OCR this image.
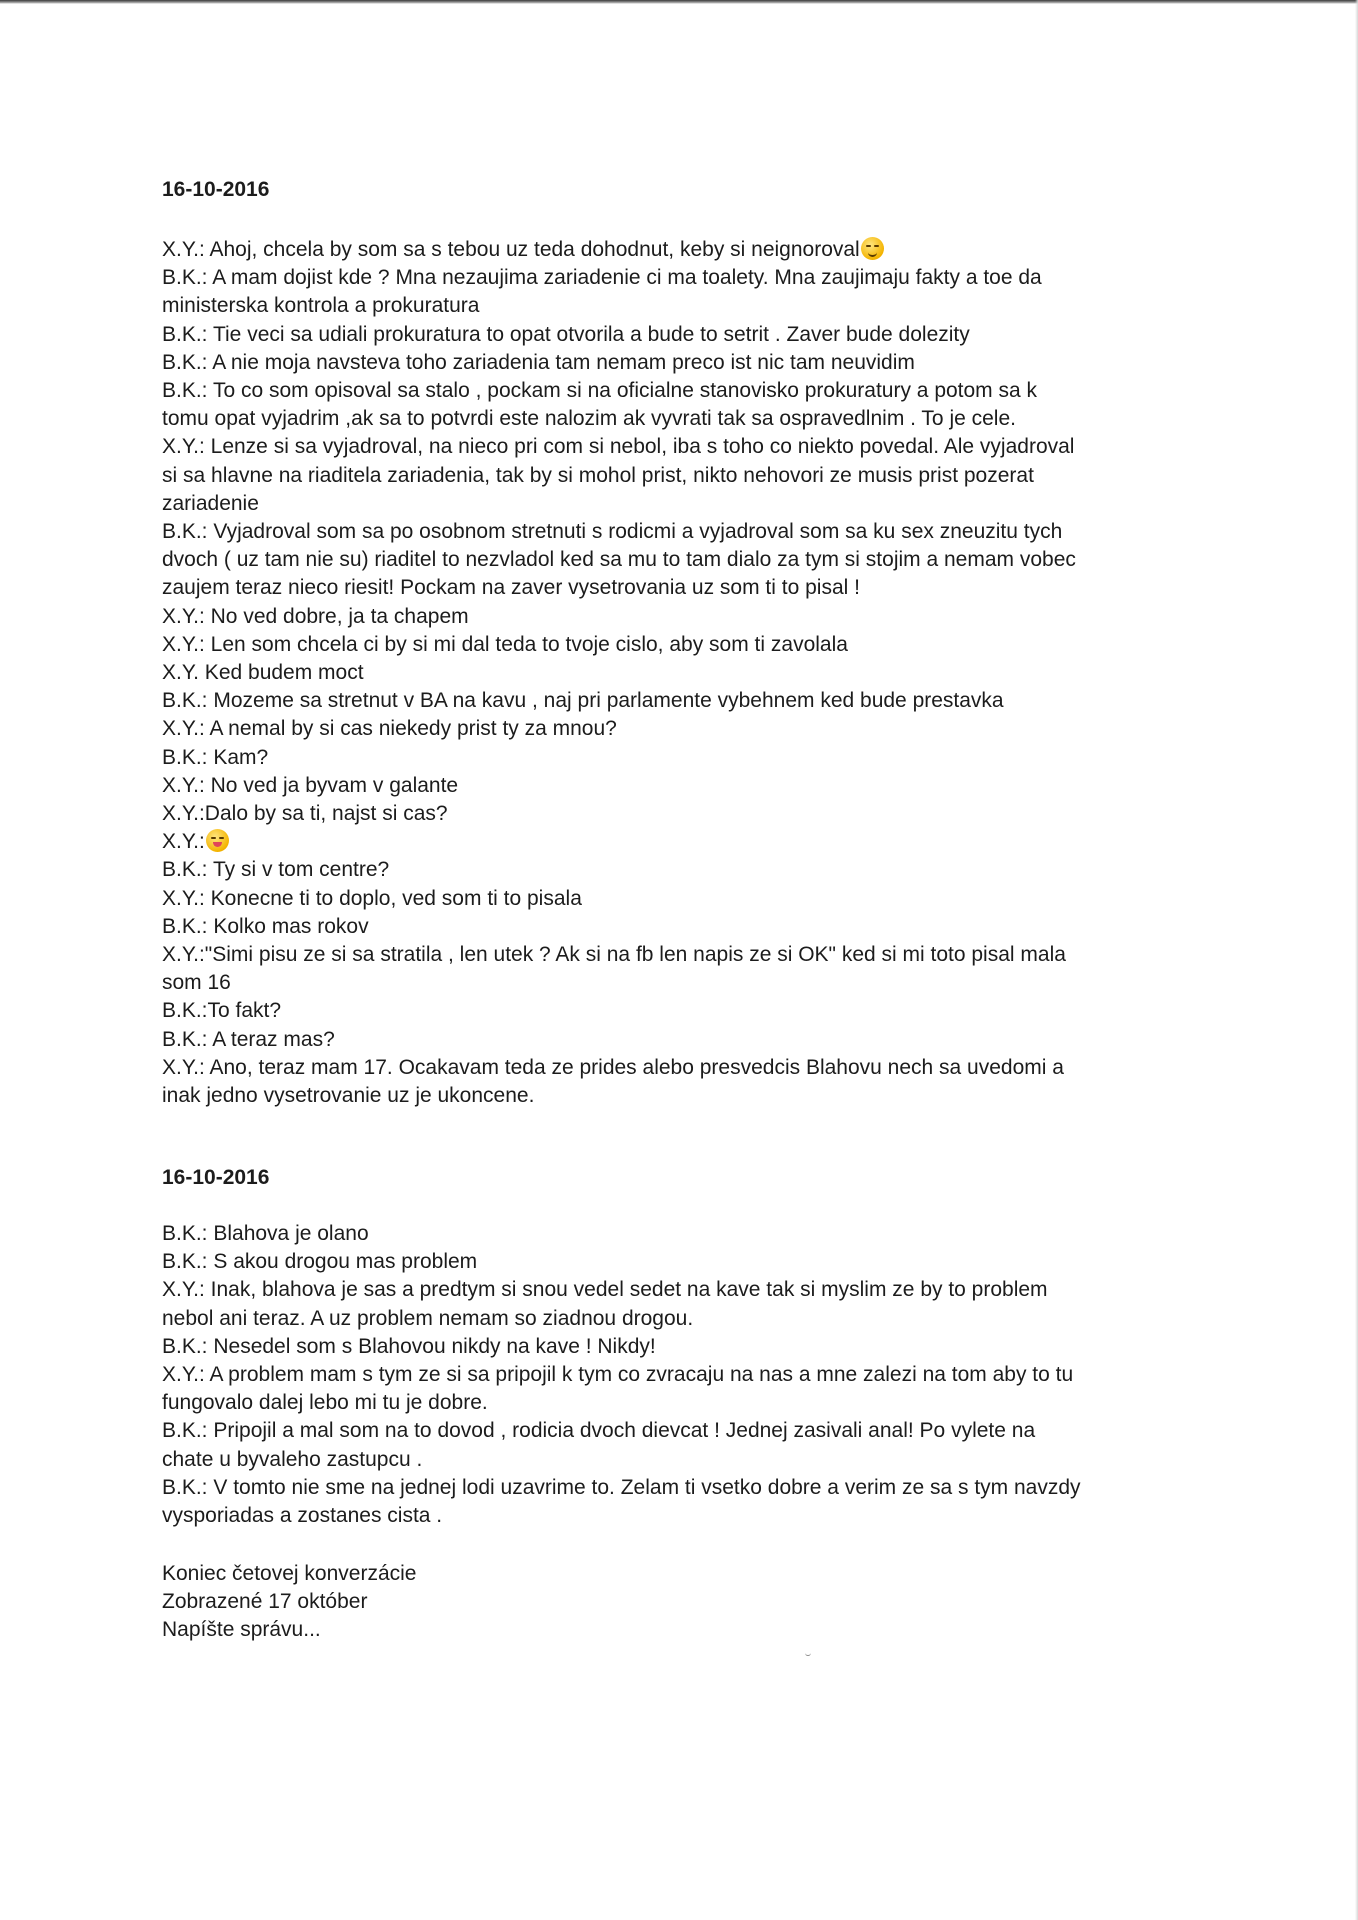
16-10-2016

X.Y.: Ahoj, chcela by som sa s tebou uz teda dohodnut, keby si neignoroval

B.K.: A mam dojist kde ? Mna nezaujima zariadenie ci ma toalety. Mna zaujimaju fakty a toe da

ministerska kontrola a prokuratura

B.K.: Tie veci sa udiali prokuratura to opat otvorila a bude to setrit . Zaver bude dolezity

B.K.: A nie moja navsteva toho zariadenia tam nemam preco ist nic tam neuvidim

B.K.: To co som opisoval sa stalo , pockam si na oficialne stanovisko prokuratury a potom sa k

tomu opat vyjadrim ,ak sa to potvrdi este nalozim ak vyvrati tak sa ospravedlnim . To je cele.

X.Y.: Lenze si sa vyjadroval, na nieco pri com si nebol, iba s toho co niekto povedal. Ale vyjadroval

si sa hlavne na riaditela zariadenia, tak by si mohol prist, nikto nehovori ze musis prist pozerat

zariadenie

B.K.: Vyjadroval som sa po osobnom stretnuti s rodicmi a vyjadroval som sa ku sex zneuzitu tych

dvoch ( uz tam nie su) riaditel to nezvladol ked sa mu to tam dialo za tym si stojim a nemam vobec

zaujem teraz nieco riesit! Pockam na zaver vysetrovania uz som ti to pisal !

X.Y.: No ved dobre, ja ta chapem

X.Y.: Len som chcela ci by si mi dal teda to tvoje cislo, aby som ti zavolala

X.Y. Ked budem moct

B.K.: Mozeme sa stretnut v BA na kavu , naj pri parlamente vybehnem ked bude prestavka

X.Y.: A nemal by si cas niekedy prist ty za mnou?

B.K.: Kam?

X.Y.: No ved ja byvam v galante

X.Y.:Dalo by sa ti, najst si cas?

X.Y.:

B.K.: Ty si v tom centre?

X.Y.: Konecne ti to doplo, ved som ti to pisala

B.K.: Kolko mas rokov

X.Y.:"Simi pisu ze si sa stratila , len utek ? Ak si na fb len napis ze si OK" ked si mi toto pisal mala

som 16

B.K.:To fakt?

B.K.: A teraz mas?

X.Y.: Ano, teraz mam 17. Ocakavam teda ze prides alebo presvedcis Blahovu nech sa uvedomi a

inak jedno vysetrovanie uz je ukoncene.

16-10-2016

B.K.: Blahova je olano

B.K.: S akou drogou mas problem

X.Y.: Inak, blahova je sas a predtym si snou vedel sedet na kave tak si myslim ze by to problem

nebol ani teraz. A uz problem nemam so ziadnou drogou.

B.K.: Nesedel som s Blahovou nikdy na kave ! Nikdy!

X.Y.: A problem mam s tym ze si sa pripojil k tym co zvracaju na nas a mne zalezi na tom aby to tu

fungovalo dalej lebo mi tu je dobre.

B.K.: Pripojil a mal som na to dovod , rodicia dvoch dievcat ! Jednej zasivali anal! Po vylete na

chate u byvaleho zastupcu .

B.K.: V tomto nie sme na jednej lodi uzavrime to. Zelam ti vsetko dobre a verim ze sa s tym navzdy

vysporiadas a zostanes cista .

Koniec četovej konverzácie

Zobrazené 17 október

Napíšte správu...
